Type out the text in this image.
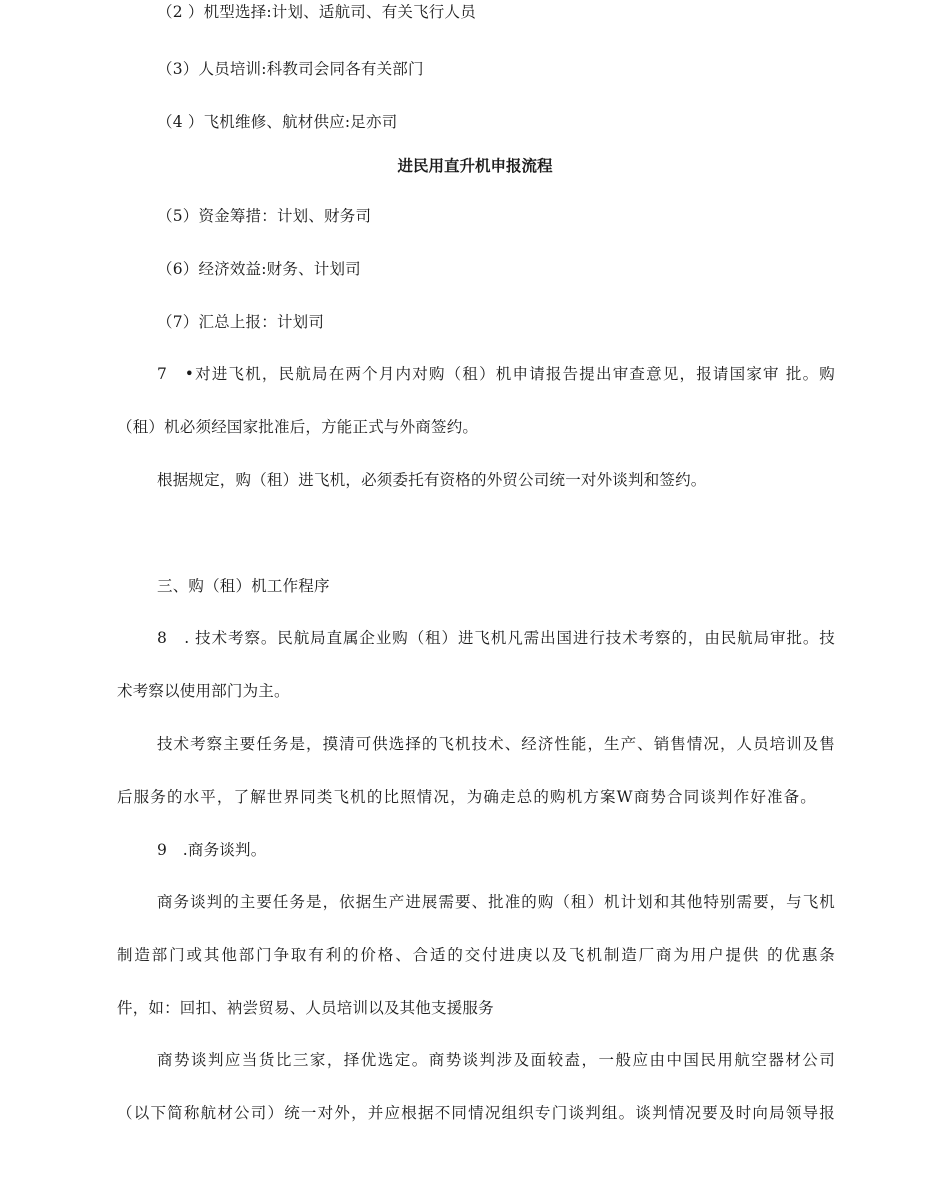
（2 ）机型选择:计划、适航司、有关飞行人员
（3）人员培训:科教司会同各有关部门
（4 ）飞机维修、航材供应:足亦司
进民用直升机申报流程
（5）资金筹措：计划、财务司
（6）经济效益:财务、计划司
（7）汇总上报：计划司
7　•对进飞机，民航局在两个月内对购（租）机申请报告提出审查意见，报请国家审 批。购
（租）机必须经国家批准后，方能正式与外商签约。
根据规定，购（租）进飞机，必须委托有资格的外贸公司统一对外谈判和签约。
三、购（租）机工作程序
8　. 技术考察。民航局直属企业购（租）进飞机凡需出国进行技术考察的，由民航局审批。技
术考察以使用部门为主。
技术考察主要任务是，摸清可供选择的飞机技术、经济性能，生产、销售情况，人员培训及售
后服务的水平，了解世界同类飞机的比照情况，为确走总的购机方案W商势合同谈判作好准备。
9　.商务谈判。
商务谈判的主要任务是，依据生产进展需要、批准的购（租）机计划和其他特别需要，与飞机
制造部门或其他部门争取有利的价格、合适的交付进庚以及飞机制造厂商为用户提供 的优惠条
件，如：回扣、衲尝贸易、人员培训以及其他支援服务
商势谈判应当货比三家，择优选定。商势谈判涉及面较盍，一般应由中国民用航空器材公司
（以下简称航材公司）统一对外，并应根据不同情况组织专门谈判组。谈判情况要及时向局领导报
